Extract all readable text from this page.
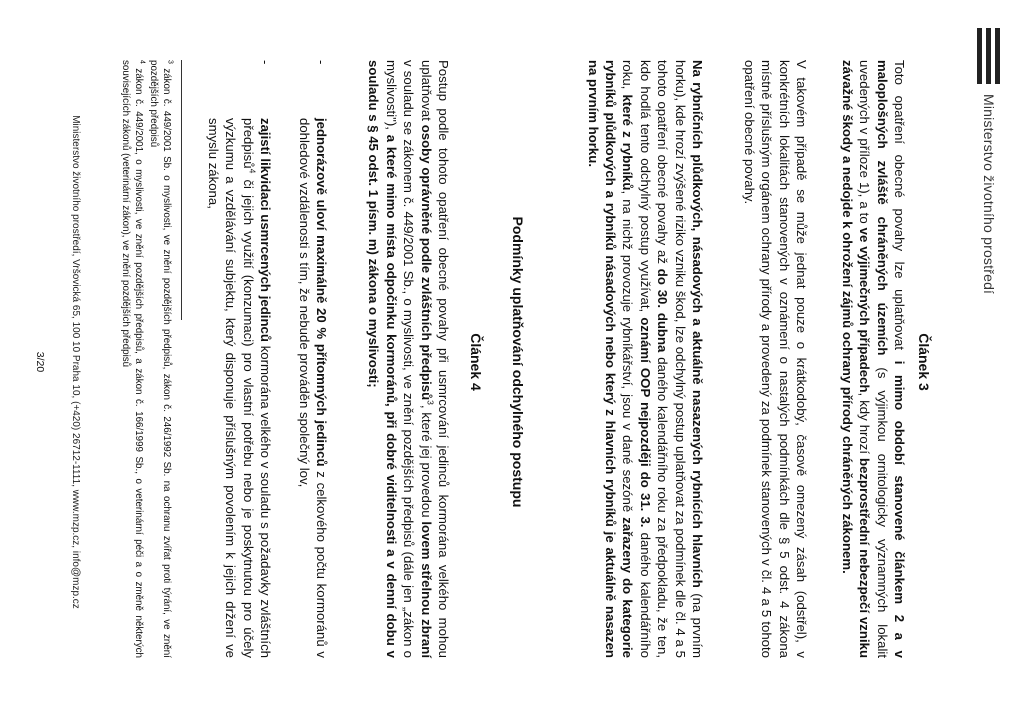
Ministerstvo životního prostředí
Článek 3
Toto opatření obecné povahy lze uplatňovat i mimo období stanovené článkem 2 a v maloplošných zvláště chráněných územích (s výjimkou ornitologicky významných lokalit uvedených v příloze 1), a to ve výjimečných případech, kdy hrozí bezprostřední nebezpečí vzniku závažné škody a nedojde k ohrožení zájmů ochrany přírody chráněných zákonem.
V takovém případě se může jednat pouze o krátkodobý, časově omezený zásah (odstřel), v konkrétních lokalitách stanovených v oznámení o nastalých podmínkách dle § 5 odst. 4 zákona místně příslušným orgánem ochrany přírody a provedený za podmínek stanovených v čl. 4 a 5 tohoto opatření obecné povahy.
Na rybníčních plůdkových, násadových a aktuálně nasazených rybnících hlavních (na prvním horku), kde hrozí zvýšené riziko vzniku škod, lze odchylný postup uplatňovat za podmínek dle čl. 4 a 5 tohoto opatření obecné povahy až do 30. dubna daného kalendářního roku za předpokladu, že ten, kdo hodlá tento odchylný postup využívat, oznámí OOP nejpozději do 31. 3. daného kalendářního roku, které z rybníků, na nichž provozuje rybníkářství, jsou v dané sezóně zařazeny do kategorie rybníků plůdkových a rybníků násadových nebo který z hlavních rybníků je aktuálně nasazen na prvním horku.
Podmínky uplatňování odchylného postupu
Článek 4
Postup podle tohoto opatření obecné povahy při usmrcování jedinců kormorána velkého mohou uplatňovat osoby oprávněné podle zvláštních předpisů$^3$, které jej provedou lovem střelnou zbraní v souladu se zákonem č. 449/2001 Sb., o myslivosti, ve znění pozdějších předpisů (dále jen „zákon o myslivosti"), a které mimo místa odpočinku kormoránů, při dobré viditelnosti a v denní dobu v souladu s § 45 odst. 1 písm. m) zákona o myslivosti;
-
jednorázově uloví maximálně 20 % přítomných jedinců z celkového počtu kormoránů v dohledové vzdálenosti s tím, že nebude prováděn společný lov,
-
zajistí likvidaci usmrcených jedinců kormorána velkého v souladu s požadavky zvláštních předpisů$^4$ či jejich využití (konzumaci) pro vlastní potřebu nebo je poskytnutou pro účely výzkumu a vzdělávání subjektu, který disponuje příslušným povolením k jejich držení ve smyslu zákona,
$^3$ zákon č. 449/2001 Sb. o myslivosti, ve znění pozdějších předpisů, zákon č. 246/1992 Sb. na ochranu zvířat proti týrání, ve znění pozdějších předpisů
$^4$ zákon č. 449/2001, o myslivosti, ve znění pozdějších předpisů, a zákon č. 166/1999 Sb., o veterinární péči a o změně některých souvisejících zákonů (veterinární zákon), ve znění pozdějších předpisů
Ministerstvo životního prostředí, Vršovická 65, 100 10 Praha 10, (+420) 26712-1111, www.mzp.cz, info@mzp.cz
3/20
